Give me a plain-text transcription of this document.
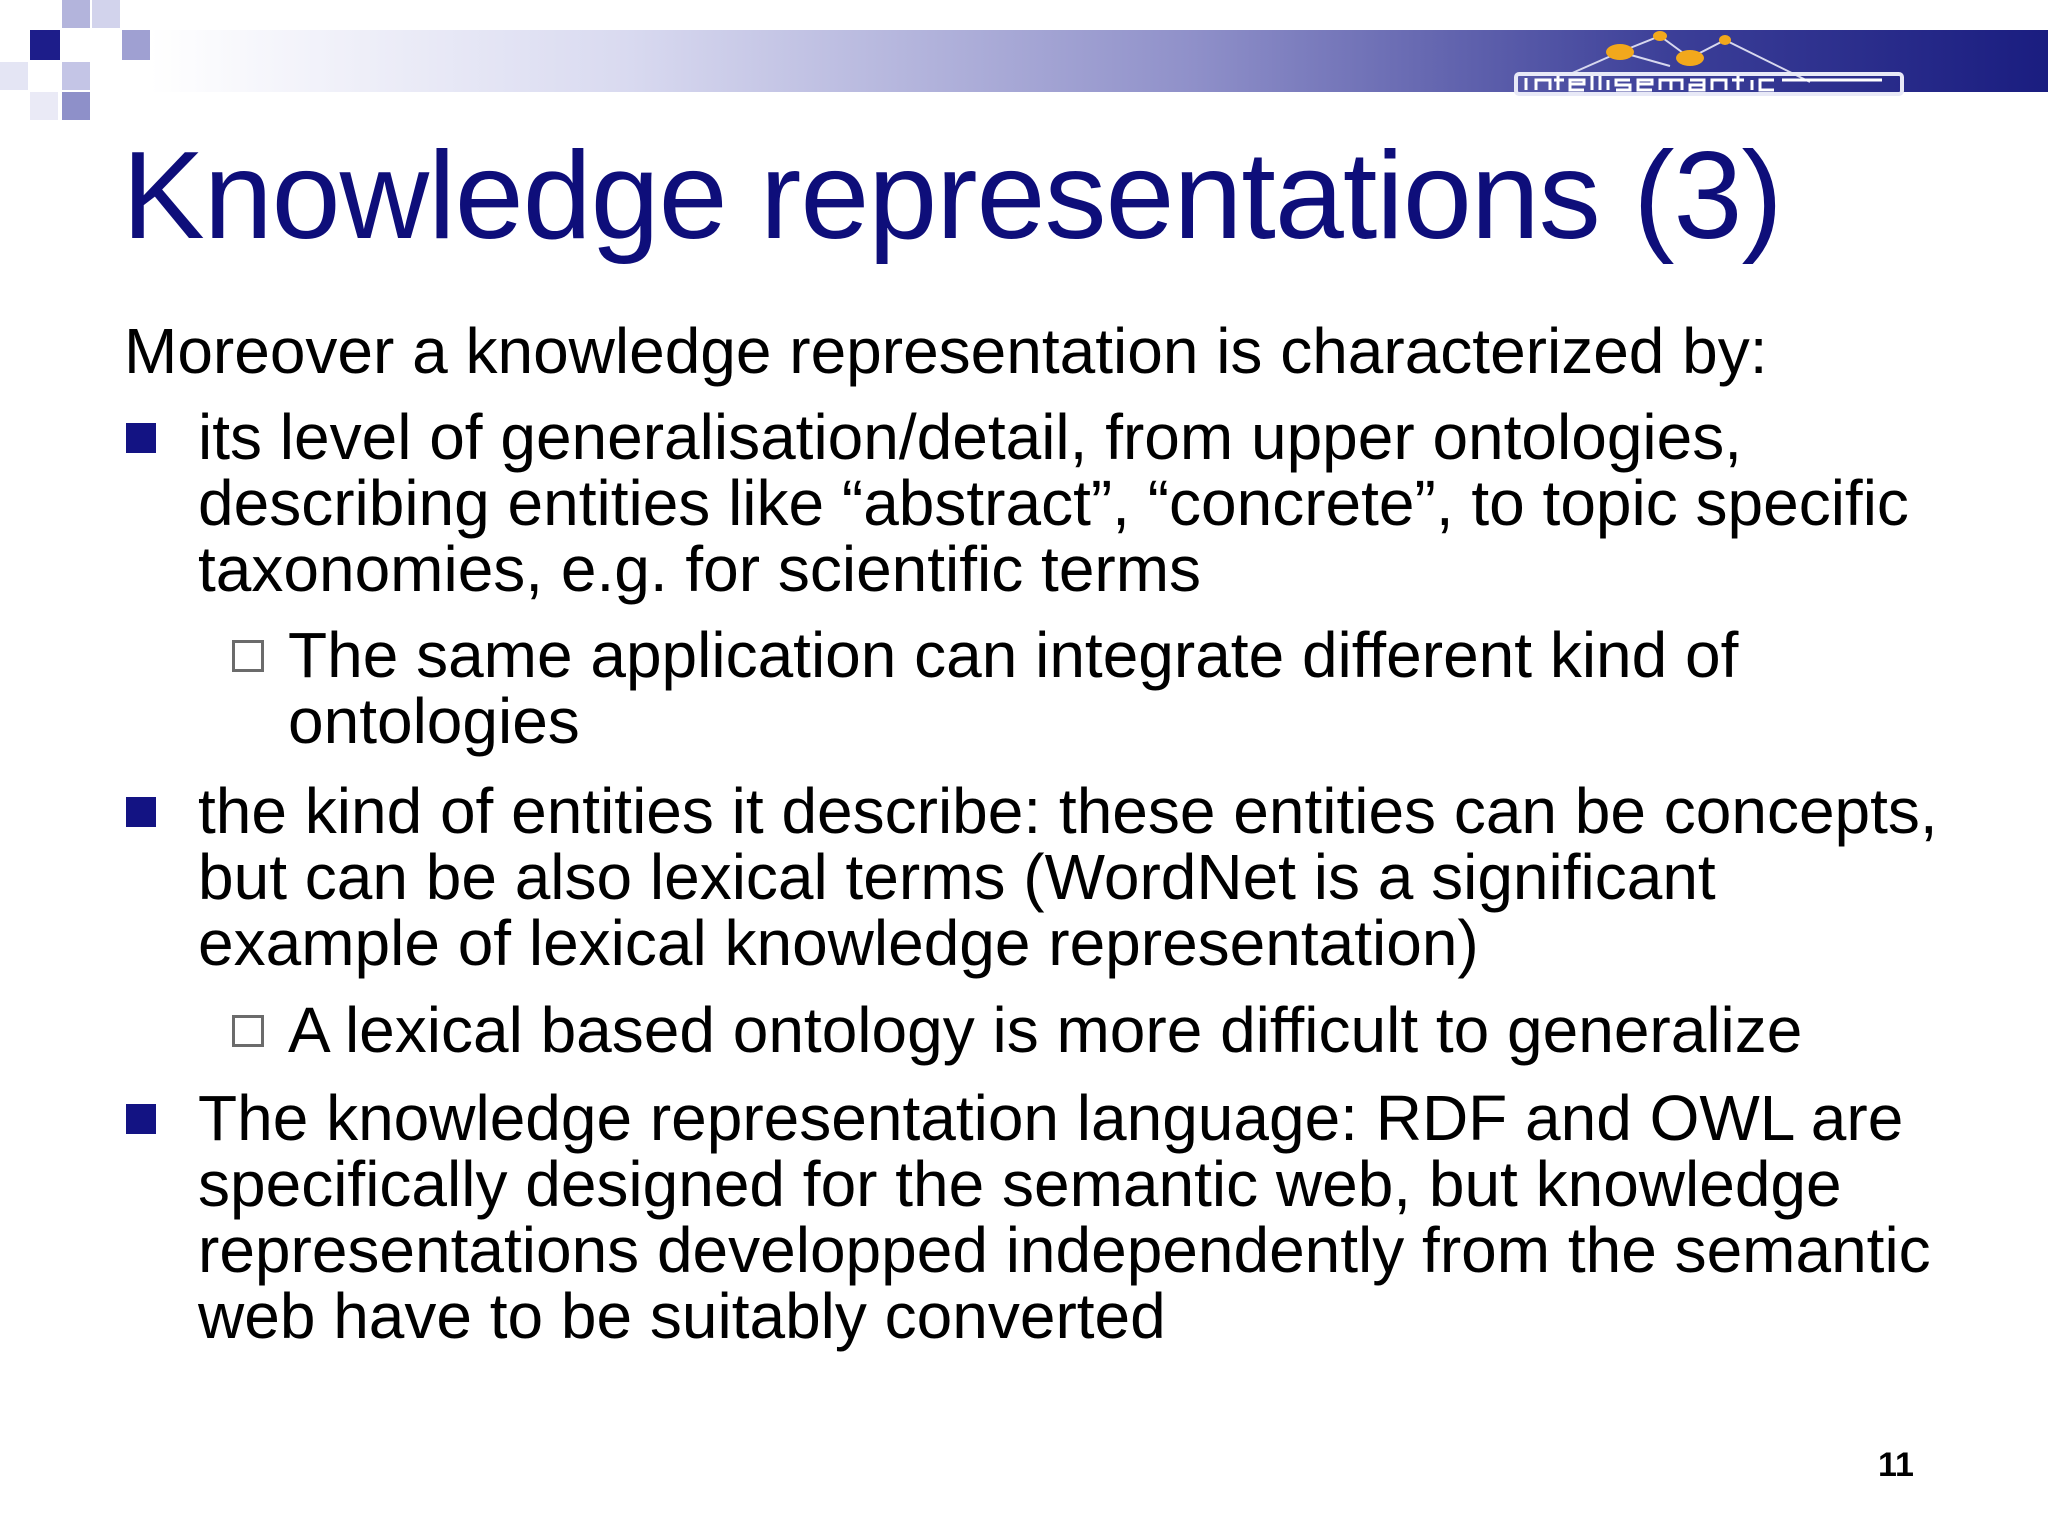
Knowledge representations (3)
Moreover a knowledge representation is characterized by:
its level of generalisation/detail, from upper ontologies, describing entities like “abstract”, “concrete”, to topic specific taxonomies, e.g. for scientific terms
The same application can integrate different kind of ontologies
the kind of entities it describe: these entities can be concepts, but can be also lexical terms (WordNet is a significant example of lexical knowledge representation)
A lexical based ontology is more difficult to generalize
The knowledge representation language: RDF and OWL are specifically designed for the semantic web, but knowledge representations developped independently from the semantic web have to be suitably converted
11
